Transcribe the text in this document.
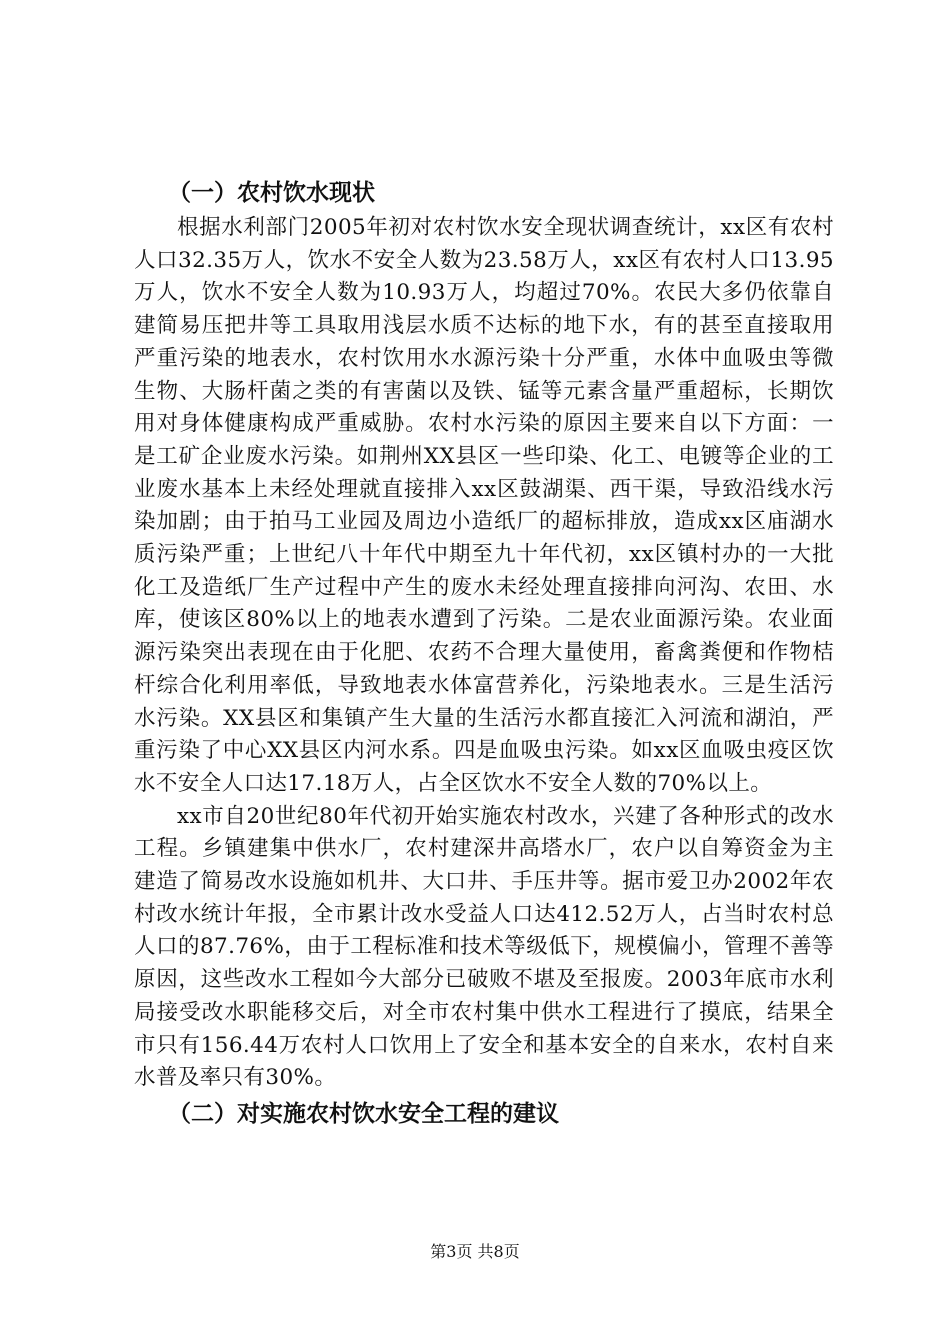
（一）农村饮水现状

根据水利部门2005年初对农村饮水安全现状调查统计，xx区有农村人口32.35万人，饮水不安全人数为23.58万人，xx区有农村人口13.95万人，饮水不安全人数为10.93万人，均超过70%。农民大多仍依靠自建简易压把井等工具取用浅层水质不达标的地下水，有的甚至直接取用严重污染的地表水，农村饮用水水源污染十分严重，水体中血吸虫等微生物、大肠杆菌之类的有害菌以及铁、锰等元素含量严重超标，长期饮用对身体健康构成严重威胁。农村水污染的原因主要来自以下方面：一是工矿企业废水污染。如荆州XX县区一些印染、化工、电镀等企业的工业废水基本上未经处理就直接排入xx区鼓湖渠、西干渠，导致沿线水污染加剧；由于拍马工业园及周边小造纸厂的超标排放，造成xx区庙湖水质污染严重；上世纪八十年代中期至九十年代初，xx区镇村办的一大批化工及造纸厂生产过程中产生的废水未经处理直接排向河沟、农田、水库，使该区80%以上的地表水遭到了污染。二是农业面源污染。农业面源污染突出表现在由于化肥、农药不合理大量使用，畜禽粪便和作物桔杆综合化利用率低，导致地表水体富营养化，污染地表水。三是生活污水污染。XX县区和集镇产生大量的生活污水都直接汇入河流和湖泊，严重污染了中心XX县区内河水系。四是血吸虫污染。如xx区血吸虫疫区饮水不安全人口达17.18万人，占全区饮水不安全人数的70%以上。

xx市自20世纪80年代初开始实施农村改水，兴建了各种形式的改水工程。乡镇建集中供水厂，农村建深井高塔水厂，农户以自筹资金为主建造了简易改水设施如机井、大口井、手压井等。据市爱卫办2002年农村改水统计年报，全市累计改水受益人口达412.52万人，占当时农村总人口的87.76%，由于工程标准和技术等级低下，规模偏小，管理不善等原因，这些改水工程如今大部分已破败不堪及至报废。2003年底市水利局接受改水职能移交后，对全市农村集中供水工程进行了摸底，结果全市只有156.44万农村人口饮用上了安全和基本安全的自来水，农村自来水普及率只有30%。

（二）对实施农村饮水安全工程的建议
第3页 共8页
